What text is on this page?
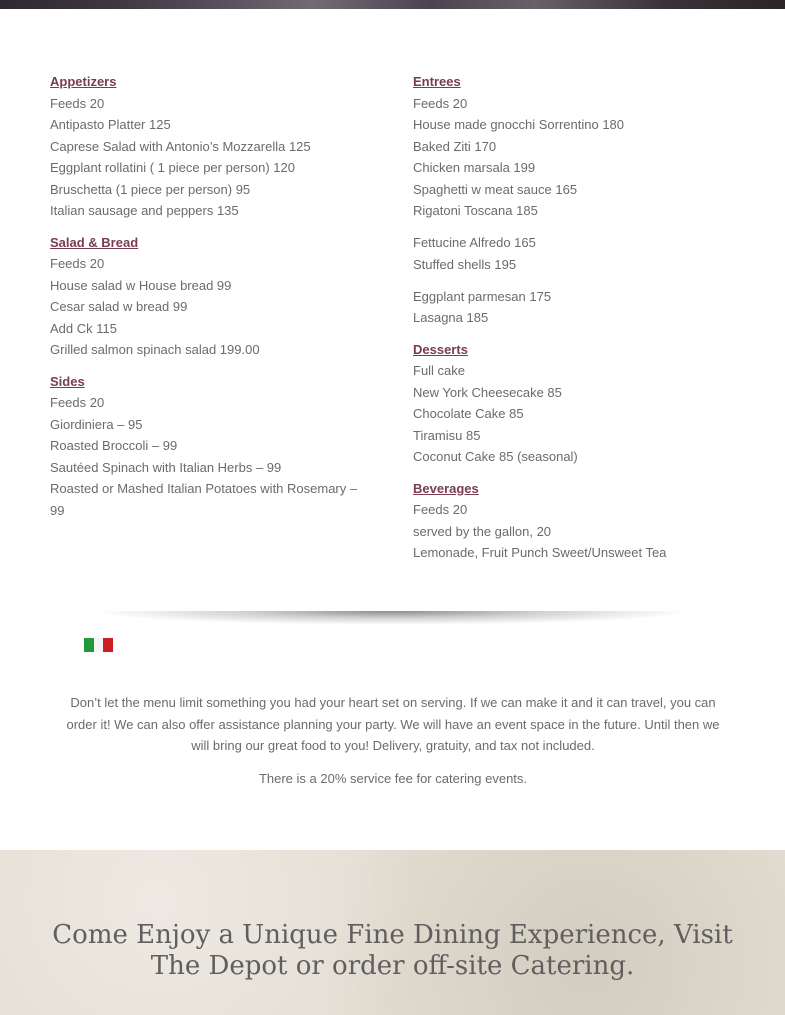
Appetizers
Feeds 20
Antipasto Platter 125
Caprese Salad with Antonio’s Mozzarella 125
Eggplant rollatini ( 1 piece per person) 120
Bruschetta (1 piece per person) 95
Italian sausage and peppers 135
Salad & Bread
Feeds 20
House salad w House bread 99
Cesar salad w bread 99
Add Ck 115
Grilled salmon spinach salad 199.00
Sides
Feeds 20
Giordiniera – 95
Roasted Broccoli – 99
Sautéed Spinach with Italian Herbs – 99
Roasted or Mashed Italian Potatoes with Rosemary – 99
Entrees
Feeds 20
House made gnocchi Sorrentino 180
Baked Ziti 170
Chicken marsala 199
Spaghetti w meat sauce 165
Rigatoni Toscana 185
Fettucine Alfredo 165
Stuffed shells 195
Eggplant parmesan 175
Lasagna 185
Desserts
Full cake
New York Cheesecake 85
Chocolate Cake 85
Tiramisu 85
Coconut Cake 85 (seasonal)
Beverages
Feeds 20
served by the gallon, 20
Lemonade, Fruit Punch Sweet/Unsweet Tea
Don’t let the menu limit something you had your heart set on serving. If we can make it and it can travel, you can order it! We can also offer assistance planning your party. We will have an event space in the future. Until then we will bring our great food to you! Delivery, gratuity, and tax not included.
There is a 20% service fee for catering events.
Come Enjoy a Unique Fine Dining Experience, Visit The Depot or order off-site Catering.
